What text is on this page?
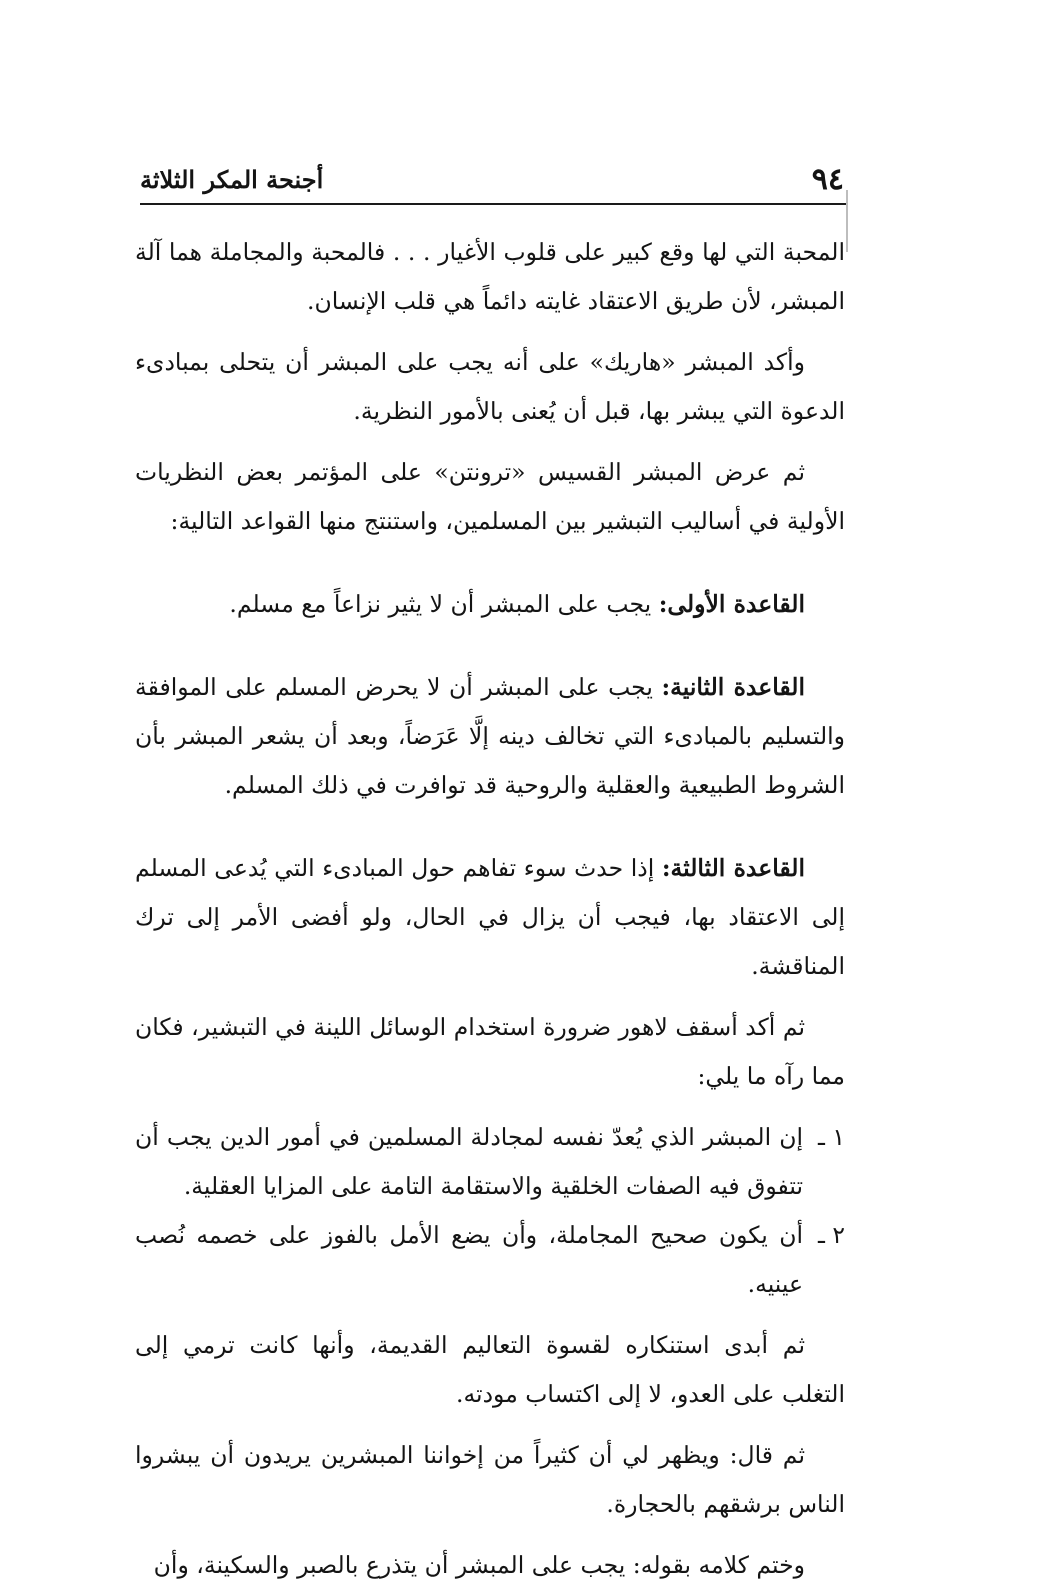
٩٤
أجنحة المكر الثلاثة

المحبة التي لها وقع كبير على قلوب الأغيار . . . فالمحبة والمجاملة هما آلة المبشر، لأن طريق الاعتقاد غايته دائماً هي قلب الإنسان.

وأكد المبشر «هاريك» على أنه يجب على المبشر أن يتحلى بمبادىء الدعوة التي يبشر بها، قبل أن يُعنى بالأمور النظرية.

ثم عرض المبشر القسيس «ترونتن» على المؤتمر بعض النظريات الأولية في أساليب التبشير بين المسلمين، واستنتج منها القواعد التالية:

القاعدة الأولى: يجب على المبشر أن لا يثير نزاعاً مع مسلم.

القاعدة الثانية: يجب على المبشر أن لا يحرض المسلم على الموافقة والتسليم بالمبادىء التي تخالف دينه إلَّا عَرَضاً، وبعد أن يشعر المبشر بأن الشروط الطبيعية والعقلية والروحية قد توافرت في ذلك المسلم.

القاعدة الثالثة: إذا حدث سوء تفاهم حول المبادىء التي يُدعى المسلم إلى الاعتقاد بها، فيجب أن يزال في الحال، ولو أفضى الأمر إلى ترك المناقشة.

ثم أكد أسقف لاهور ضرورة استخدام الوسائل اللينة في التبشير، فكان مما رآه ما يلي:

١ ـ
إن المبشر الذي يُعدّ نفسه لمجادلة المسلمين في أمور الدين يجب أن تتفوق فيه الصفات الخلقية والاستقامة التامة على المزايا العقلية.

٢ ـ
أن يكون صحيح المجاملة، وأن يضع الأمل بالفوز على خصمه نُصب عينيه.

ثم أبدى استنكاره لقسوة التعاليم القديمة، وأنها كانت ترمي إلى التغلب على العدو، لا إلى اكتساب مودته.

ثم قال: ويظهر لي أن كثيراً من إخواننا المبشرين يريدون أن يبشروا الناس برشقهم بالحجارة.

وختم كلامه بقوله: يجب على المبشر أن يتذرع بالصبر والسكينة، وأن
